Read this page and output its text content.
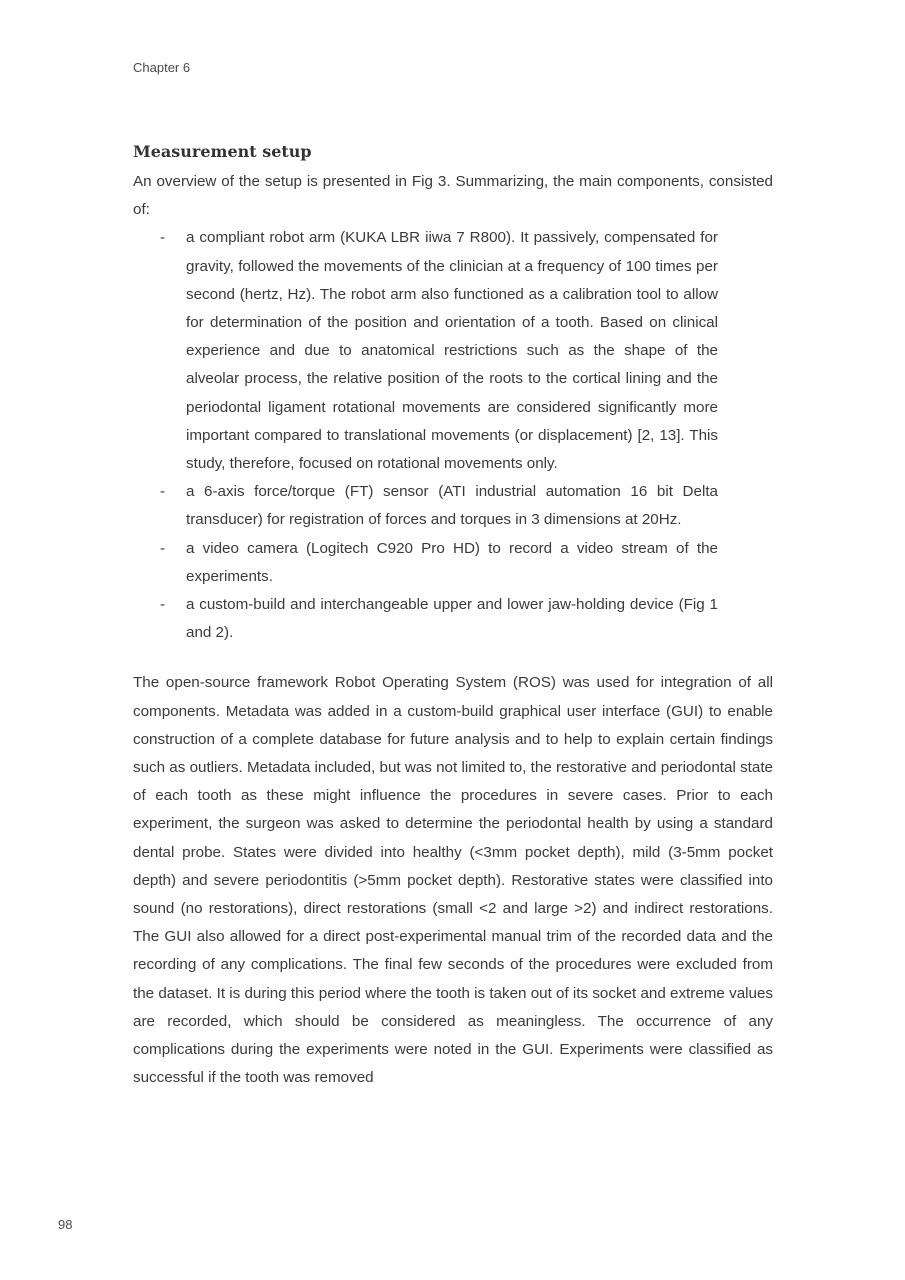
Chapter 6
Measurement setup

An overview of the setup is presented in Fig 3. Summarizing, the main components, consisted of:

- a compliant robot arm (KUKA LBR iiwa 7 R800). It passively, compensated for gravity, followed the movements of the clinician at a frequency of 100 times per second (hertz, Hz). The robot arm also functioned as a calibration tool to allow for determination of the position and orientation of a tooth. Based on clinical experience and due to anatomical restrictions such as the shape of the alveolar process, the relative position of the roots to the cortical lining and the periodontal ligament rotational movements are considered significantly more important compared to translational movements (or displacement) [2, 13]. This study, therefore, focused on rotational movements only.
- a 6-axis force/torque (FT) sensor (ATI industrial automation 16 bit Delta transducer) for registration of forces and torques in 3 dimensions at 20Hz.
- a video camera (Logitech C920 Pro HD) to record a video stream of the experiments.
- a custom-build and interchangeable upper and lower jaw-holding device (Fig 1 and 2).

The open-source framework Robot Operating System (ROS) was used for integration of all components. Metadata was added in a custom-build graphical user interface (GUI) to enable construction of a complete database for future analysis and to help to explain certain findings such as outliers. Metadata included, but was not limited to, the restorative and periodontal state of each tooth as these might influence the procedures in severe cases. Prior to each experiment, the surgeon was asked to determine the periodontal health by using a standard dental probe. States were divided into healthy (<3mm pocket depth), mild (3-5mm pocket depth) and severe periodontitis (>5mm pocket depth). Restorative states were classified into sound (no restorations), direct restorations (small <2 and large >2) and indirect restorations. The GUI also allowed for a direct post-experimental manual trim of the recorded data and the recording of any complications. The final few seconds of the procedures were excluded from the dataset. It is during this period where the tooth is taken out of its socket and extreme values are recorded, which should be considered as meaningless. The occurrence of any complications during the experiments were noted in the GUI. Experiments were classified as successful if the tooth was removed

98
